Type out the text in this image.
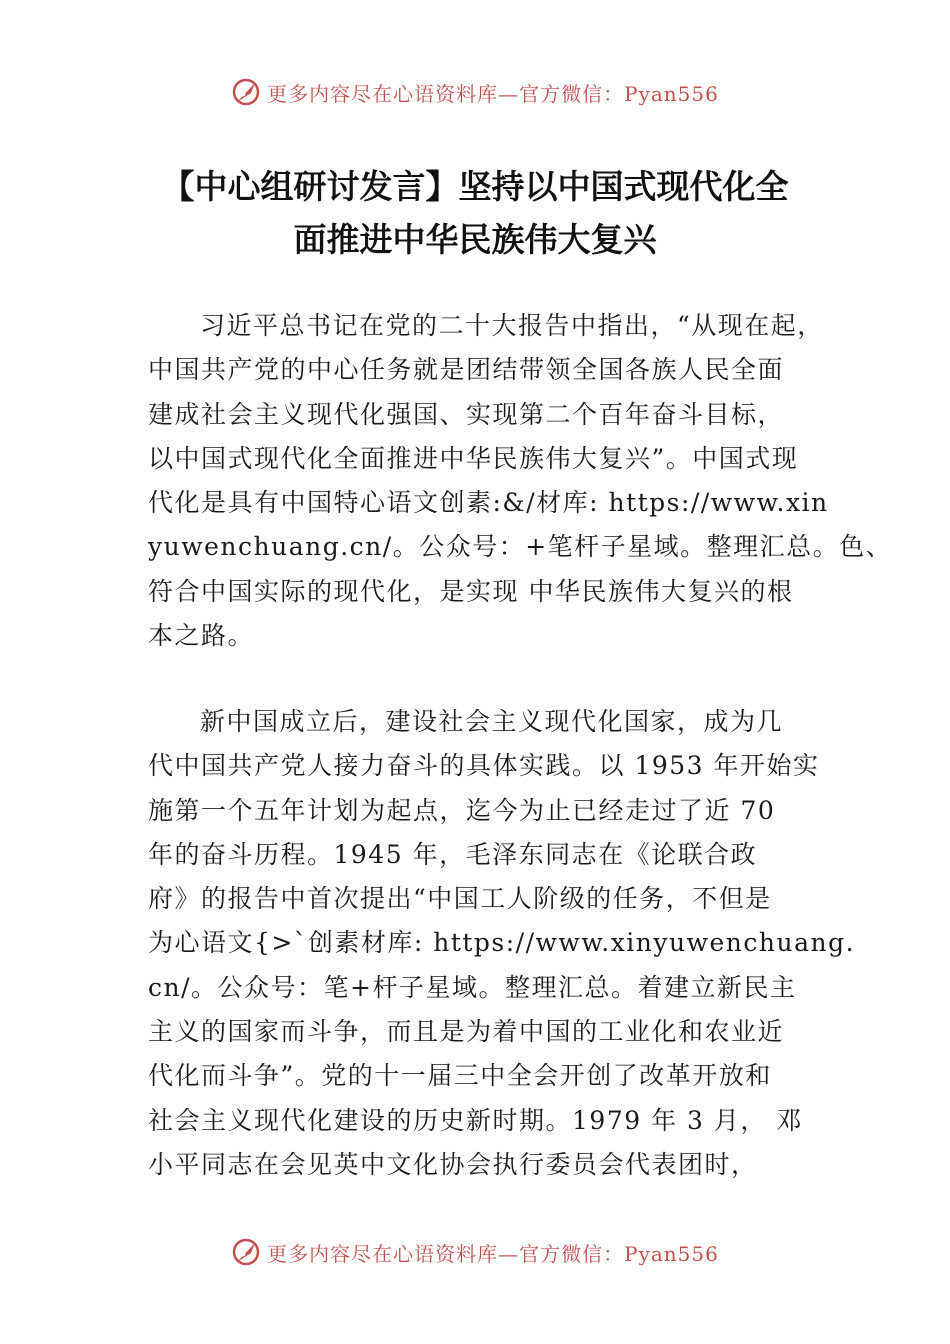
更多内容尽在心语资料库—官方微信：Pyan556
【中心组研讨发言】坚持以中国式现代化全
面推进中华民族伟大复兴
习近平总书记在党的二十大报告中指出，“从现在起，
中国共产党的中心任务就是团结带领全国各族人民全面
建成社会主义现代化强国、实现第二个百年奋斗目标，
以中国式现代化全面推进中华民族伟大复兴”。中国式现
代化是具有中国特心语文创素:&/材库: https://www.xin
yuwenchuang.cn/。公众号：+笔杆子星域。整理汇总。色、
符合中国实际的现代化，是实现 中华民族伟大复兴的根
本之路。
新中国成立后，建设社会主义现代化国家，成为几
代中国共产党人接力奋斗的具体实践。以 1953 年开始实
施第一个五年计划为起点，迄今为止已经走过了近 70
年的奋斗历程。1945 年，毛泽东同志在《论联合政
府》的报告中首次提出“中国工人阶级的任务，不但是
为心语文{>`创素材库: https://www.xinyuwenchuang.
cn/。公众号：笔+杆子星域。整理汇总。着建立新民主
主义的国家而斗争，而且是为着中国的工业化和农业近
代化而斗争”。党的十一届三中全会开创了改革开放和
社会主义现代化建设的历史新时期。1979 年 3 月， 邓
小平同志在会见英中文化协会执行委员会代表团时，
更多内容尽在心语资料库—官方微信：Pyan556
